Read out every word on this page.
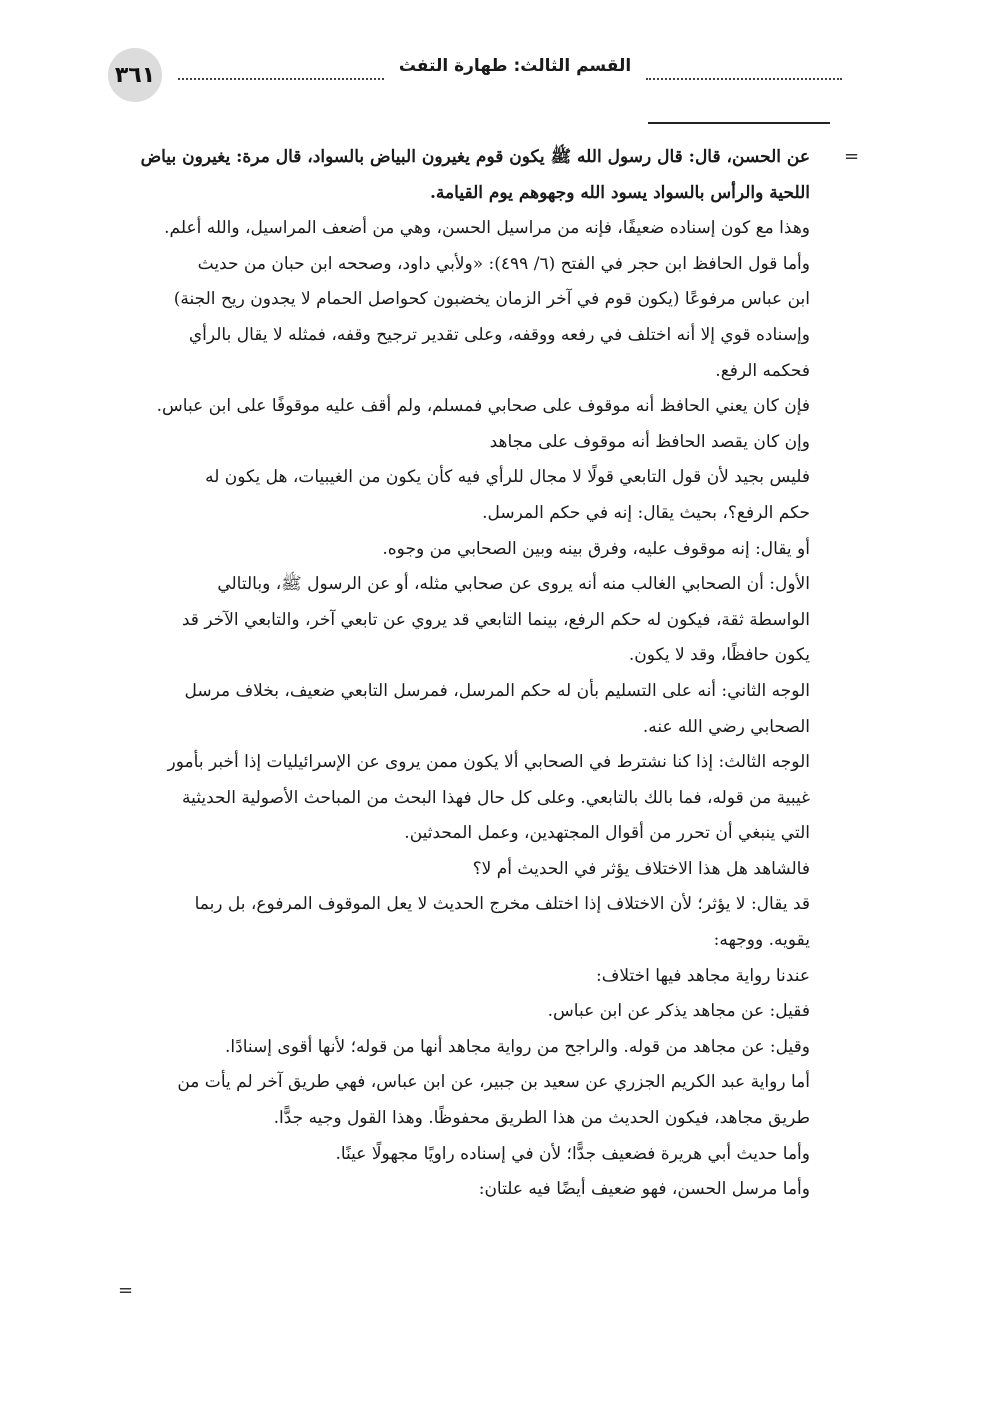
٣٦١	القسم الثالث: طهارة التفث
=
=

عن الحسن، قال: قال رسول الله ﷺ يكون قوم يغيرون البياض بالسواد، قال مرة: يغيرون بياض

اللحية والرأس بالسواد يسود الله وجهوهم يوم القيامة.

وهذا مع كون إسناده ضعيفًا، فإنه من مراسيل الحسن، وهي من أضعف المراسيل، والله أعلم.

وأما قول الحافظ ابن حجر في الفتح (٦/ ٤٩٩): «ولأبي داود، وصححه ابن حبان من حديث

ابن عباس مرفوعًا (يكون قوم في آخر الزمان يخضبون كحواصل الحمام لا يجدون ريح الجنة)

وإسناده قوي إلا أنه اختلف في رفعه ووقفه، وعلى تقدير ترجيح وقفه، فمثله لا يقال بالرأي

فحكمه الرفع.

فإن كان يعني الحافظ أنه موقوف على صحابي فمسلم، ولم أقف عليه موقوفًا على ابن عباس.

وإن كان يقصد الحافظ أنه موقوف على مجاهد

فليس بجيد لأن قول التابعي قولًا لا مجال للرأي فيه كأن يكون من الغيبيات، هل يكون له

حكم الرفع؟، بحيث يقال: إنه في حكم المرسل.

أو يقال: إنه موقوف عليه، وفرق بينه وبين الصحابي من وجوه.

الأول: أن الصحابي الغالب منه أنه يروى عن صحابي مثله، أو عن الرسول ﷺ، وبالتالي

الواسطة ثقة، فيكون له حكم الرفع، بينما التابعي قد يروي عن تابعي آخر، والتابعي الآخر قد

يكون حافظًا، وقد لا يكون.

الوجه الثاني: أنه على التسليم بأن له حكم المرسل، فمرسل التابعي ضعيف، بخلاف مرسل

الصحابي رضي الله عنه.

الوجه الثالث: إذا كنا نشترط في الصحابي ألا يكون ممن يروى عن الإسرائيليات إذا أخبر بأمور

غيبية من قوله، فما بالك بالتابعي. وعلى كل حال فهذا البحث من المباحث الأصولية الحديثية

التي ينبغي أن تحرر من أقوال المجتهدين، وعمل المحدثين.

فالشاهد هل هذا الاختلاف يؤثر في الحديث أم لا؟

قد يقال: لا يؤثر؛ لأن الاختلاف إذا اختلف مخرج الحديث لا يعل الموقوف المرفوع، بل ربما

يقويه. ووجهه:

عندنا رواية مجاهد فيها اختلاف:

فقيل: عن مجاهد يذكر عن ابن عباس.

وقيل: عن مجاهد من قوله. والراجح من رواية مجاهد أنها من قوله؛ لأنها أقوى إسنادًا.

أما رواية عبد الكريم الجزري عن سعيد بن جبير، عن ابن عباس، فهي طريق آخر لم يأت من

طريق مجاهد، فيكون الحديث من هذا الطريق محفوظًا. وهذا القول وجيه جدًّا.

وأما حديث أبي هريرة فضعيف جدًّا؛ لأن في إسناده راويًا مجهولًا عينًا.

وأما مرسل الحسن، فهو ضعيف أيضًا فيه علتان:
